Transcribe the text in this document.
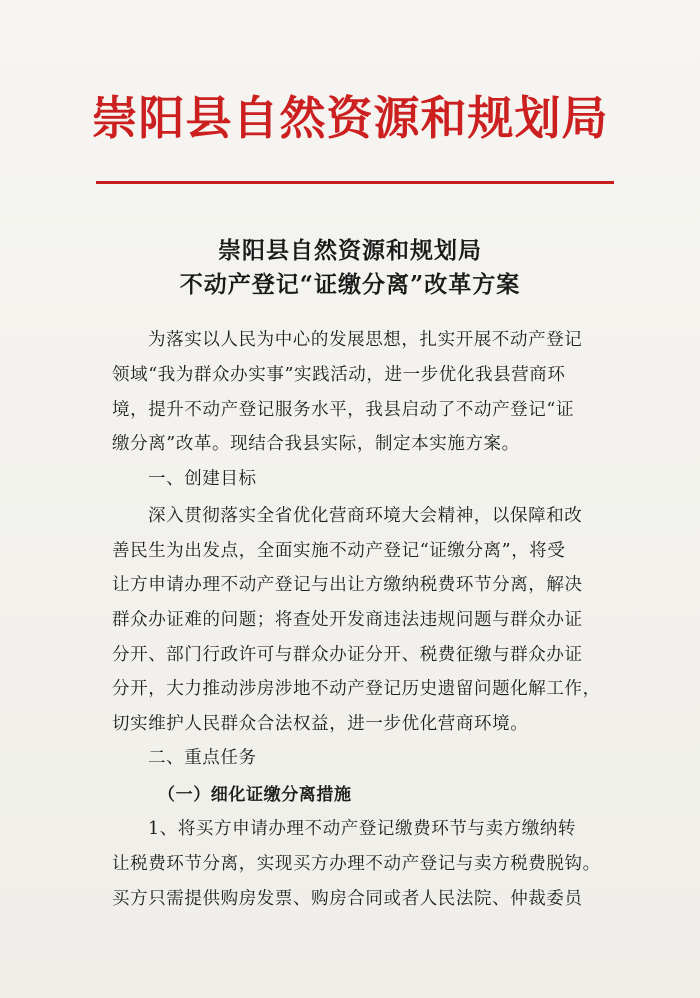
崇阳县自然资源和规划局
崇阳县自然资源和规划局
不动产登记“证缴分离”改革方案
为落实以人民为中心的发展思想，扎实开展不动产登记
领域“我为群众办实事”实践活动，进一步优化我县营商环
境，提升不动产登记服务水平，我县启动了不动产登记“证
缴分离”改革。现结合我县实际，制定本实施方案。
一、创建目标
深入贯彻落实全省优化营商环境大会精神，以保障和改
善民生为出发点，全面实施不动产登记“证缴分离”，将受
让方申请办理不动产登记与出让方缴纳税费环节分离，解决
群众办证难的问题；将查处开发商违法违规问题与群众办证
分开、部门行政许可与群众办证分开、税费征缴与群众办证
分开，大力推动涉房涉地不动产登记历史遗留问题化解工作，
切实维护人民群众合法权益，进一步优化营商环境。
二、重点任务
（一）细化证缴分离措施
1、将买方申请办理不动产登记缴费环节与卖方缴纳转
让税费环节分离，实现买方办理不动产登记与卖方税费脱钩。
买方只需提供购房发票、购房合同或者人民法院、仲裁委员
